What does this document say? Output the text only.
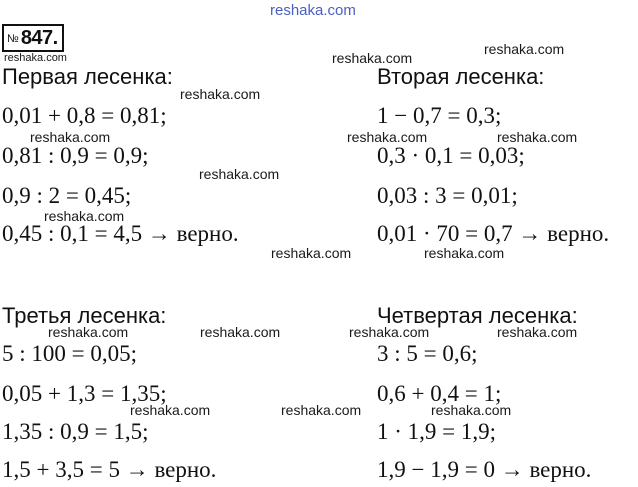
reshaka.com
reshaka.com	reshaka.com
reshaka.com
reshaka.com
reshaka.com	reshaka.com	reshaka.com
reshaka.com
reshaka.com
reshaka.com	reshaka.com
reshaka.com	reshaka.com	reshaka.com	reshaka.com
reshaka.com	reshaka.com	reshaka.com
№ 847.
Первая лесенка:
0,01 + 0,8 = 0,81;
0,81 : 0,9 = 0,9;
0,9 : 2 = 0,45;
0,45 : 0,1 = 4,5 → верно.
Вторая лесенка:
1 − 0,7 = 0,3;
0,3 · 0,1 = 0,03;
0,03 : 3 = 0,01;
0,01 · 70 = 0,7 → верно.
Третья лесенка:
5 : 100 = 0,05;
0,05 + 1,3 = 1,35;
1,35 : 0,9 = 1,5;
1,5 + 3,5 = 5 → верно.
Четвертая лесенка:
3 : 5 = 0,6;
0,6 + 0,4 = 1;
1 · 1,9 = 1,9;
1,9 − 1,9 = 0 → верно.
